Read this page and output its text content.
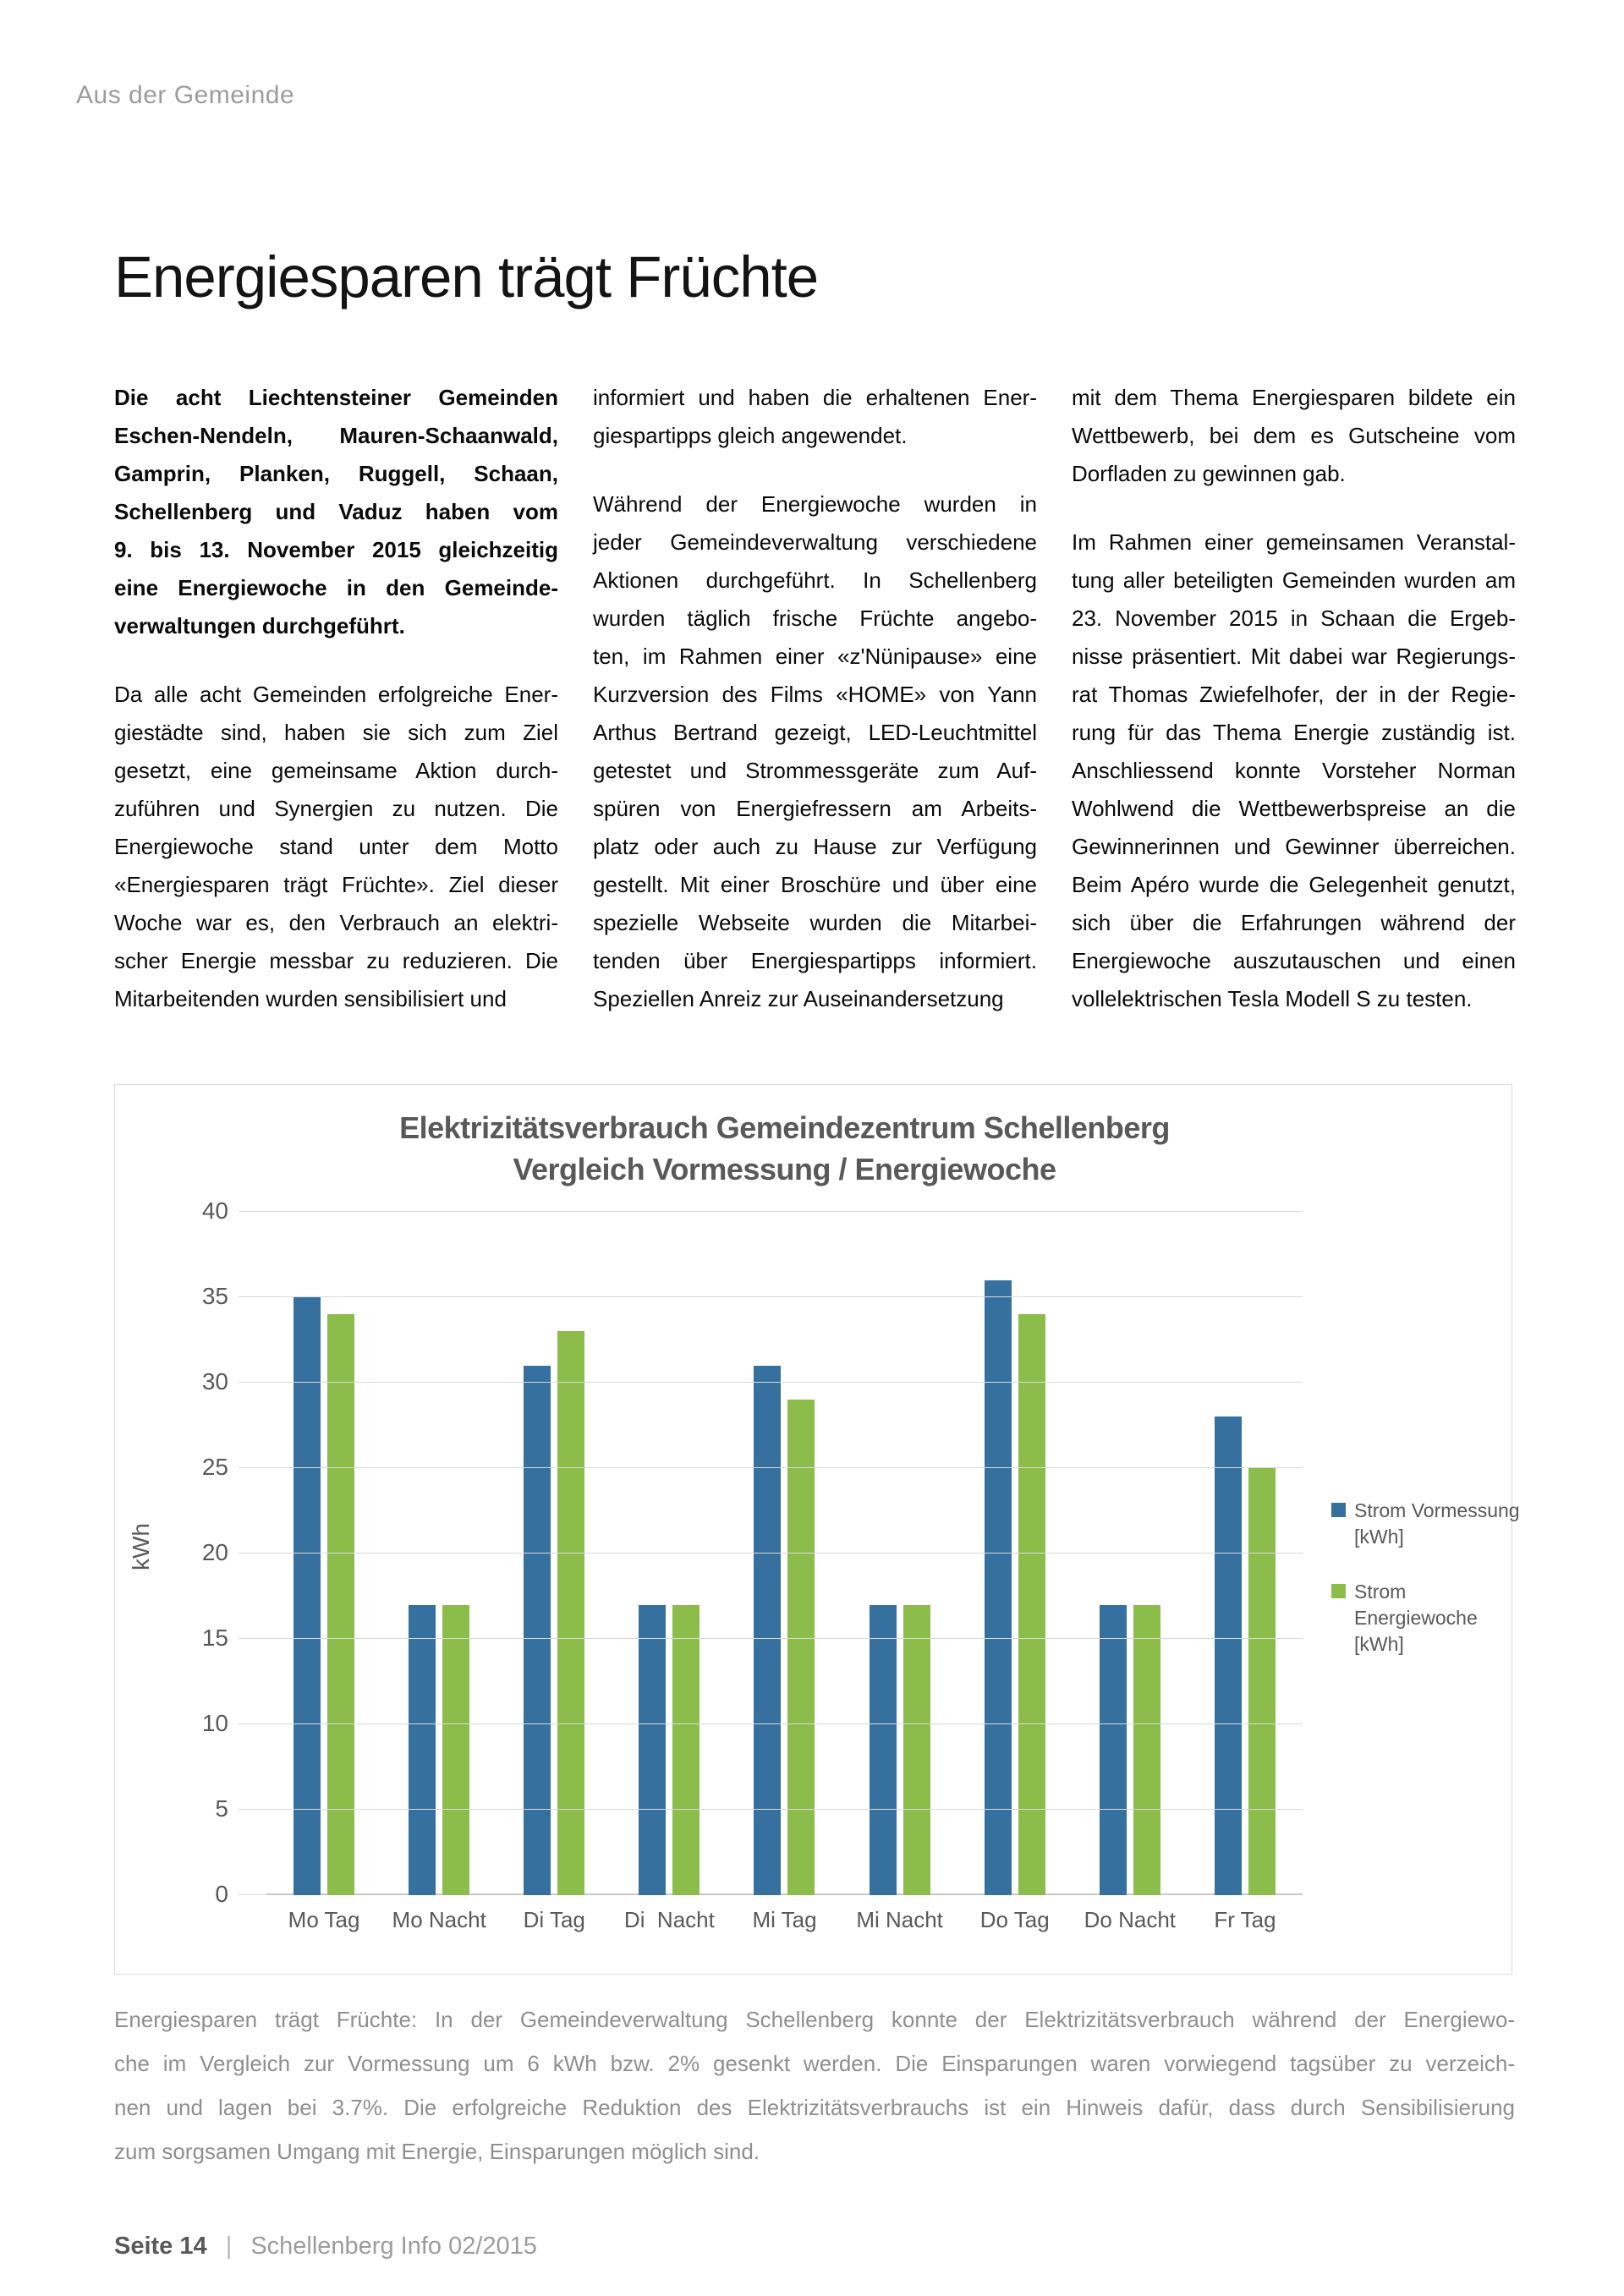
Aus der Gemeinde
Energiesparen trägt Früchte

Die acht Liechtensteiner Gemeinden
Eschen-Nendeln, Mauren-Schaanwald,
Gamprin, Planken, Ruggell, Schaan,
Schellenberg und Vaduz haben vom
9. bis 13. November 2015 gleichzeitig
eine Energiewoche in den Gemeinde-
verwaltungen durchgeführt.

Da alle acht Gemeinden erfolgreiche Ener-
giestädte sind, haben sie sich zum Ziel
gesetzt, eine gemeinsame Aktion durch-
zuführen und Synergien zu nutzen. Die
Energiewoche stand unter dem Motto
«Energiesparen trägt Früchte». Ziel dieser
Woche war es, den Verbrauch an elektri-
scher Energie messbar zu reduzieren. Die
Mitarbeitenden wurden sensibilisiert und

informiert und haben die erhaltenen Ener-
giespartipps gleich angewendet.

Während der Energiewoche wurden in
jeder Gemeindeverwaltung verschiedene
Aktionen durchgeführt. In Schellenberg
wurden täglich frische Früchte angebo-
ten, im Rahmen einer «z'Nünipause» eine
Kurzversion des Films «HOME» von Yann
Arthus Bertrand gezeigt, LED-Leuchtmittel
getestet und Strommessgeräte zum Auf-
spüren von Energiefressern am Arbeits-
platz oder auch zu Hause zur Verfügung
gestellt. Mit einer Broschüre und über eine
spezielle Webseite wurden die Mitarbei-
tenden über Energiespartipps informiert.
Speziellen Anreiz zur Auseinandersetzung

mit dem Thema Energiesparen bildete ein
Wettbewerb, bei dem es Gutscheine vom
Dorfladen zu gewinnen gab.

Im Rahmen einer gemeinsamen Veranstal-
tung aller beteiligten Gemeinden wurden am
23. November 2015 in Schaan die Ergeb-
nisse präsentiert. Mit dabei war Regierungs-
rat Thomas Zwiefelhofer, der in der Regie-
rung für das Thema Energie zuständig ist.
Anschliessend konnte Vorsteher Norman
Wohlwend die Wettbewerbspreise an die
Gewinnerinnen und Gewinner überreichen.
Beim Apéro wurde die Gelegenheit genutzt,
sich über die Erfahrungen während der
Energiewoche auszutauschen und einen
vollelektrischen Tesla Modell S zu testen.

Elektrizitätsverbrauch Gemeindezentrum Schellenberg
Vergleich Vormessung / Energiewoche
kWh
0
5
10
15
20
25
30
35
40
Mo Tag	Mo Nacht	Di Tag	Di  Nacht	Mi Tag	Mi Nacht	Do Tag	Do Nacht	Fr Tag
Strom Vormessung [kWh]
Strom Energiewoche [kWh]
Energiesparen trägt Früchte: In der Gemeindeverwaltung Schellenberg konnte der Elektrizitätsverbrauch während der Energiewo-
che im Vergleich zur Vormessung um 6 kWh bzw. 2% gesenkt werden. Die Einsparungen waren vorwiegend tagsüber zu verzeich-
nen und lagen bei 3.7%. Die erfolgreiche Reduktion des Elektrizitätsverbrauchs ist ein Hinweis dafür, dass durch Sensibilisierung
zum sorgsamen Umgang mit Energie, Einsparungen möglich sind.
Seite 14 | Schellenberg Info 02/2015
